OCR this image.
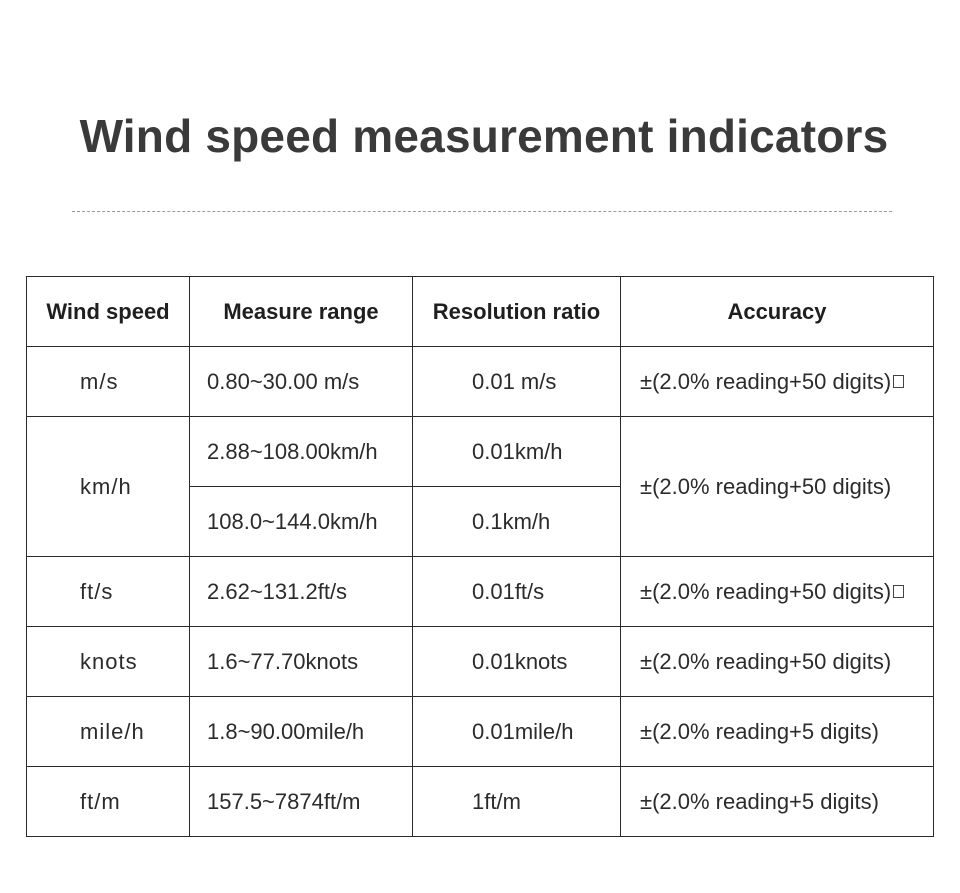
Wind speed measurement indicators
Wind speed	Measure range	Resolution ratio	Accuracy
m/s	0.80~30.00 m/s	0.01 m/s	±(2.0% reading+50 digits)

km/h	2.88~108.00km/h	0.01km/h	±(2.0% reading+50 digits)
	108.0~144.0km/h	0.1km/h	
ft/s	2.62~131.2ft/s	0.01ft/s	±(2.0% reading+50 digits)

knots	1.6~77.70knots	0.01knots	±(2.0% reading+50 digits)
mile/h	1.8~90.00mile/h	0.01mile/h	±(2.0% reading+5 digits)
ft/m	157.5~7874ft/m	1ft/m	±(2.0% reading+5 digits)
